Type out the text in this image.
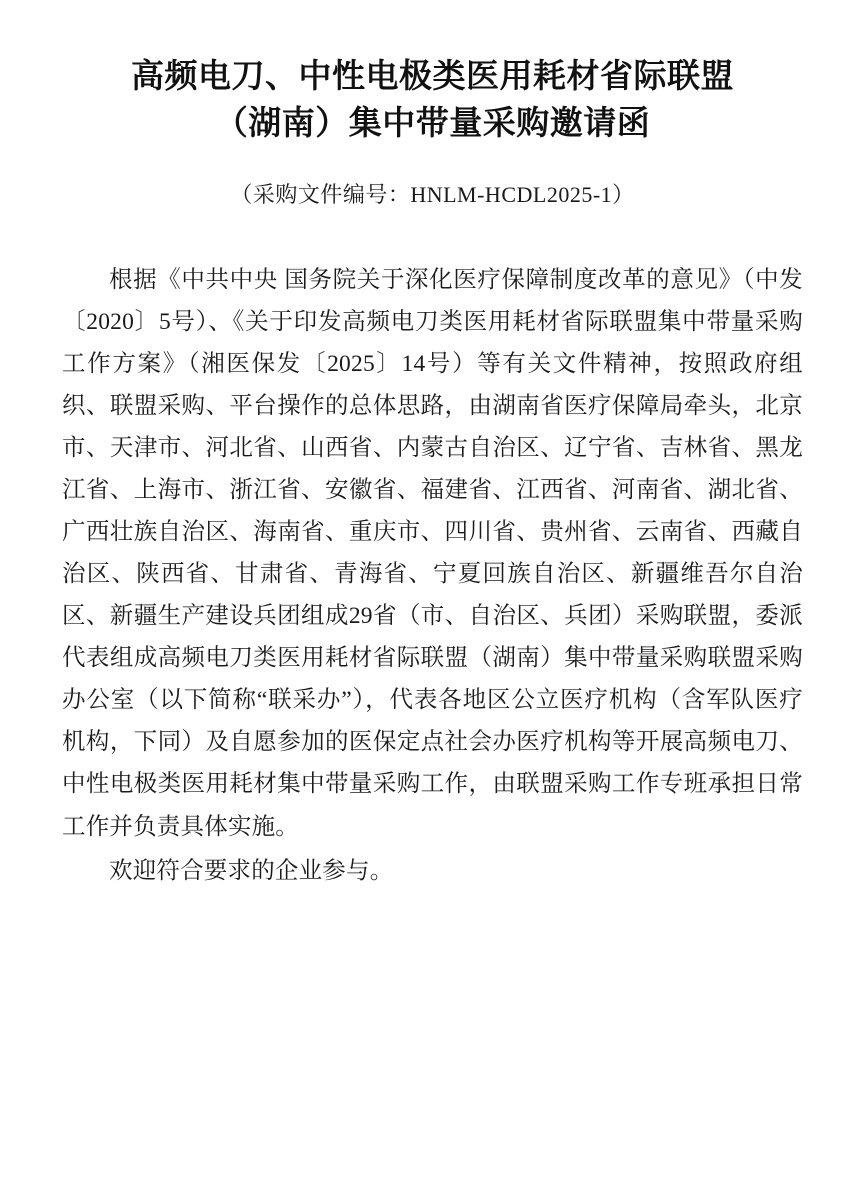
高频电刀、中性电极类医用耗材省际联盟
（湖南）集中带量采购邀请函
（采购文件编号：HNLM-HCDL2025-1）

根据《中共中央 国务院关于深化医疗保障制度改革的意见》（中发〔2020〕5号）、《关于印发高频电刀类医用耗材省际联盟集中带量采购工作方案》（湘医保发〔2025〕14号）等有关文件精神，按照政府组织、联盟采购、平台操作的总体思路，由湖南省医疗保障局牵头，北京市、天津市、河北省、山西省、内蒙古自治区、辽宁省、吉林省、黑龙江省、上海市、浙江省、安徽省、福建省、江西省、河南省、湖北省、广西壮族自治区、海南省、重庆市、四川省、贵州省、云南省、西藏自治区、陕西省、甘肃省、青海省、宁夏回族自治区、新疆维吾尔自治区、新疆生产建设兵团组成29省（市、自治区、兵团）采购联盟，委派代表组成高频电刀类医用耗材省际联盟（湖南）集中带量采购联盟采购办公室（以下简称“联采办”），代表各地区公立医疗机构（含军队医疗机构，下同）及自愿参加的医保定点社会办医疗机构等开展高频电刀、中性电极类医用耗材集中带量采购工作，由联盟采购工作专班承担日常工作并负责具体实施。

欢迎符合要求的企业参与。
